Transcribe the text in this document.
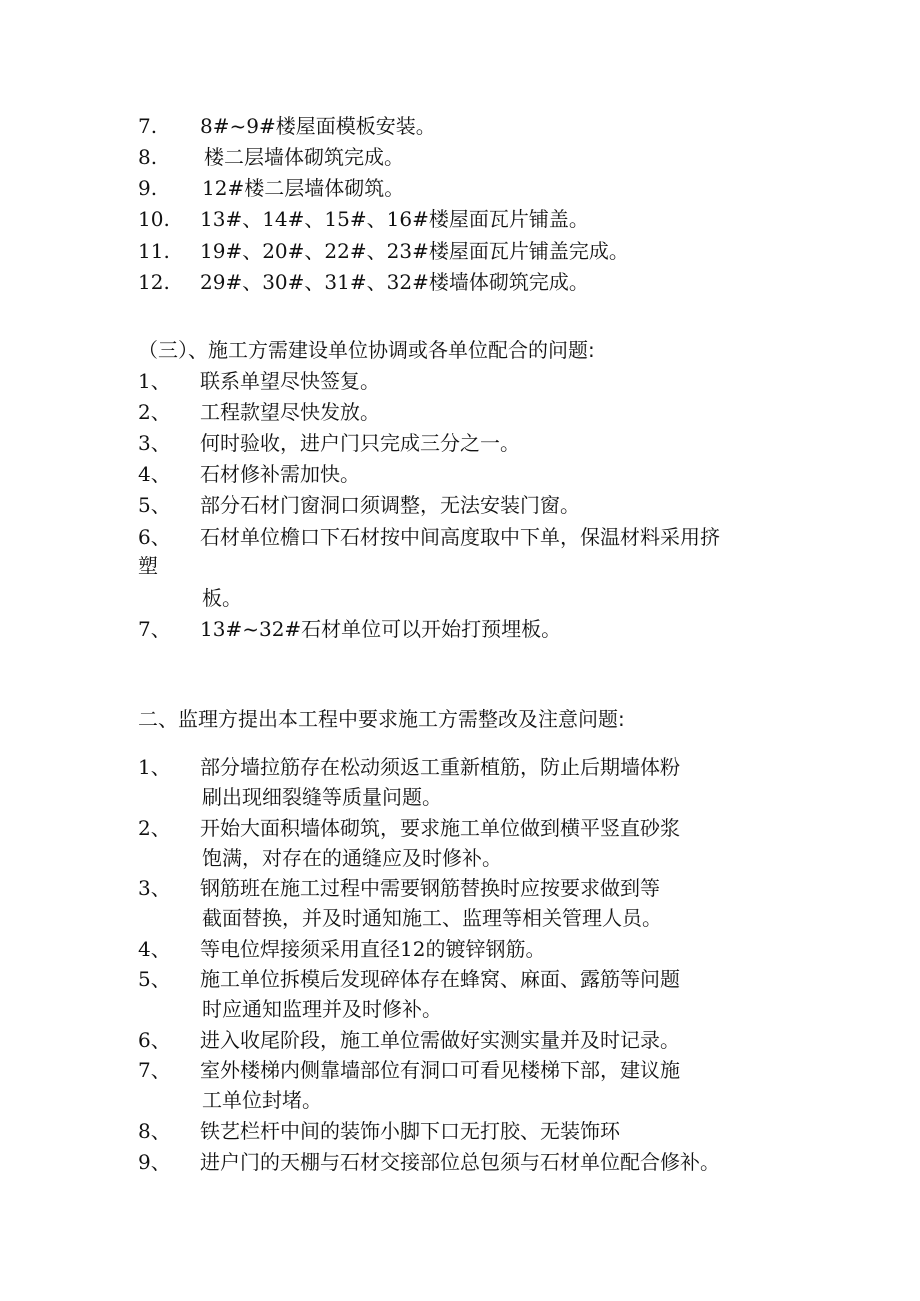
7. 8#~9#楼屋面模板安装。
8. 楼二层墙体砌筑完成。
9. 12#楼二层墙体砌筑。
10. 13#、14#、15#、16#楼屋面瓦片铺盖。
11. 19#、20#、22#、23#楼屋面瓦片铺盖完成。
12. 29#、30#、31#、32#楼墙体砌筑完成。
（三）、施工方需建设单位协调或各单位配合的问题:
1、 联系单望尽快签复。
2、 工程款望尽快发放。
3、 何时验收，进户门只完成三分之一。
4、 石材修补需加快。
5、 部分石材门窗洞口须调整，无法安装门窗。
6、 石材单位檐口下石材按中间高度取中下单，保温材料采用挤
塑
板。
7、 13#~32#石材单位可以开始打预埋板。
二、监理方提出本工程中要求施工方需整改及注意问题:
1、 部分墙拉筋存在松动须返工重新植筋，防止后期墙体粉
刷出现细裂缝等质量问题。
2、 开始大面积墙体砌筑，要求施工单位做到横平竖直砂浆
饱满，对存在的通缝应及时修补。
3、 钢筋班在施工过程中需要钢筋替换时应按要求做到等
截面替换，并及时通知施工、监理等相关管理人员。
4、 等电位焊接须采用直径12的镀锌钢筋。
5、 施工单位拆模后发现碎体存在蜂窝、麻面、露筋等问题
时应通知监理并及时修补。
6、 进入收尾阶段，施工单位需做好实测实量并及时记录。
7、 室外楼梯内侧靠墙部位有洞口可看见楼梯下部，建议施
工单位封堵。
8、 铁艺栏杆中间的装饰小脚下口无打胶、无装饰环
9、 进户门的天棚与石材交接部位总包须与石材单位配合修补。
